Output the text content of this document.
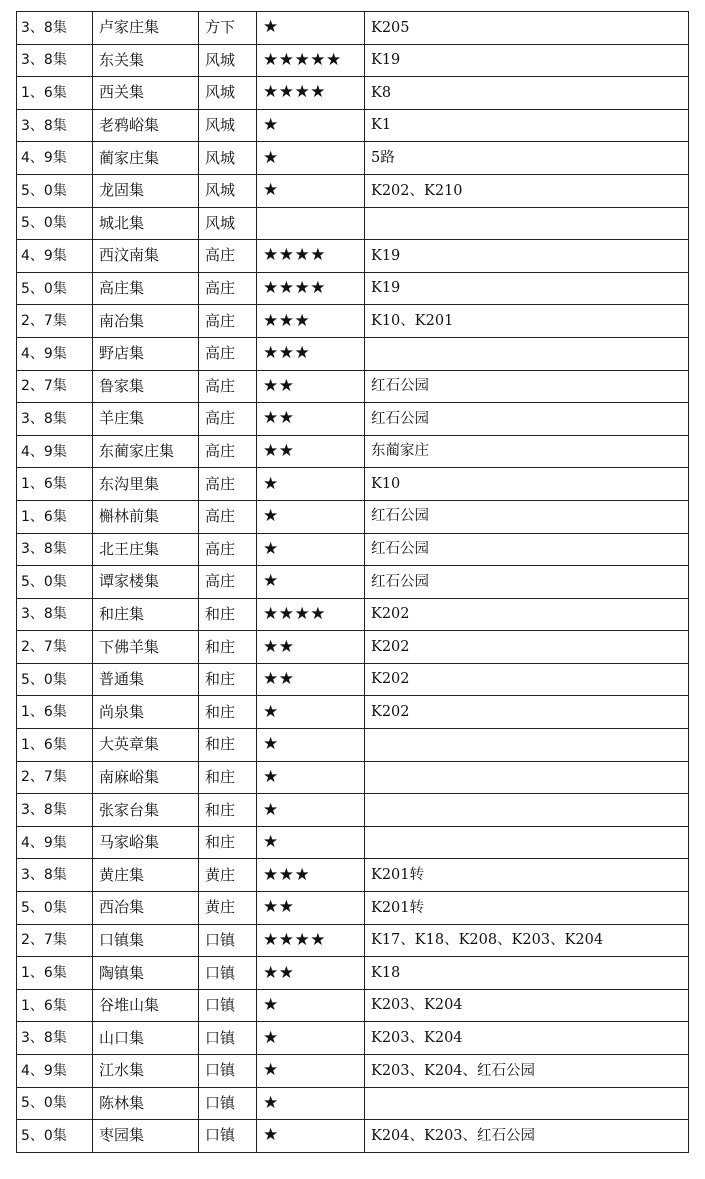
3、8集	卢家庄集	方下	★	K205
3、8集	东关集	风城	★★★★★	K19
1、6集	西关集	风城	★★★★	K8
3、8集	老鸦峪集	风城	★	K1
4、9集	蔺家庄集	风城	★	5路
5、0集	龙固集	风城	★	K202、K210
5、0集	城北集	风城		
4、9集	西汶南集	高庄	★★★★	K19
5、0集	高庄集	高庄	★★★★	K19
2、7集	南冶集	高庄	★★★	K10、K201
4、9集	野店集	高庄	★★★	
2、7集	鲁家集	高庄	★★	红石公园
3、8集	羊庄集	高庄	★★	红石公园
4、9集	东蔺家庄集	高庄	★★	东蔺家庄
1、6集	东沟里集	高庄	★	K10
1、6集	槲林前集	高庄	★	红石公园
3、8集	北王庄集	高庄	★	红石公园
5、0集	谭家楼集	高庄	★	红石公园
3、8集	和庄集	和庄	★★★★	K202
2、7集	下佛羊集	和庄	★★	K202
5、0集	普通集	和庄	★★	K202
1、6集	尚泉集	和庄	★	K202
1、6集	大英章集	和庄	★	
2、7集	南麻峪集	和庄	★	
3、8集	张家台集	和庄	★	
4、9集	马家峪集	和庄	★	
3、8集	黄庄集	黄庄	★★★	K201转
5、0集	西冶集	黄庄	★★	K201转
2、7集	口镇集	口镇	★★★★	K17、K18、K208、K203、K204
1、6集	陶镇集	口镇	★★	K18
1、6集	谷堆山集	口镇	★	K203、K204
3、8集	山口集	口镇	★	K203、K204
4、9集	江水集	口镇	★	K203、K204、红石公园
5、0集	陈林集	口镇	★	
5、0集	枣园集	口镇	★	K204、K203、红石公园
